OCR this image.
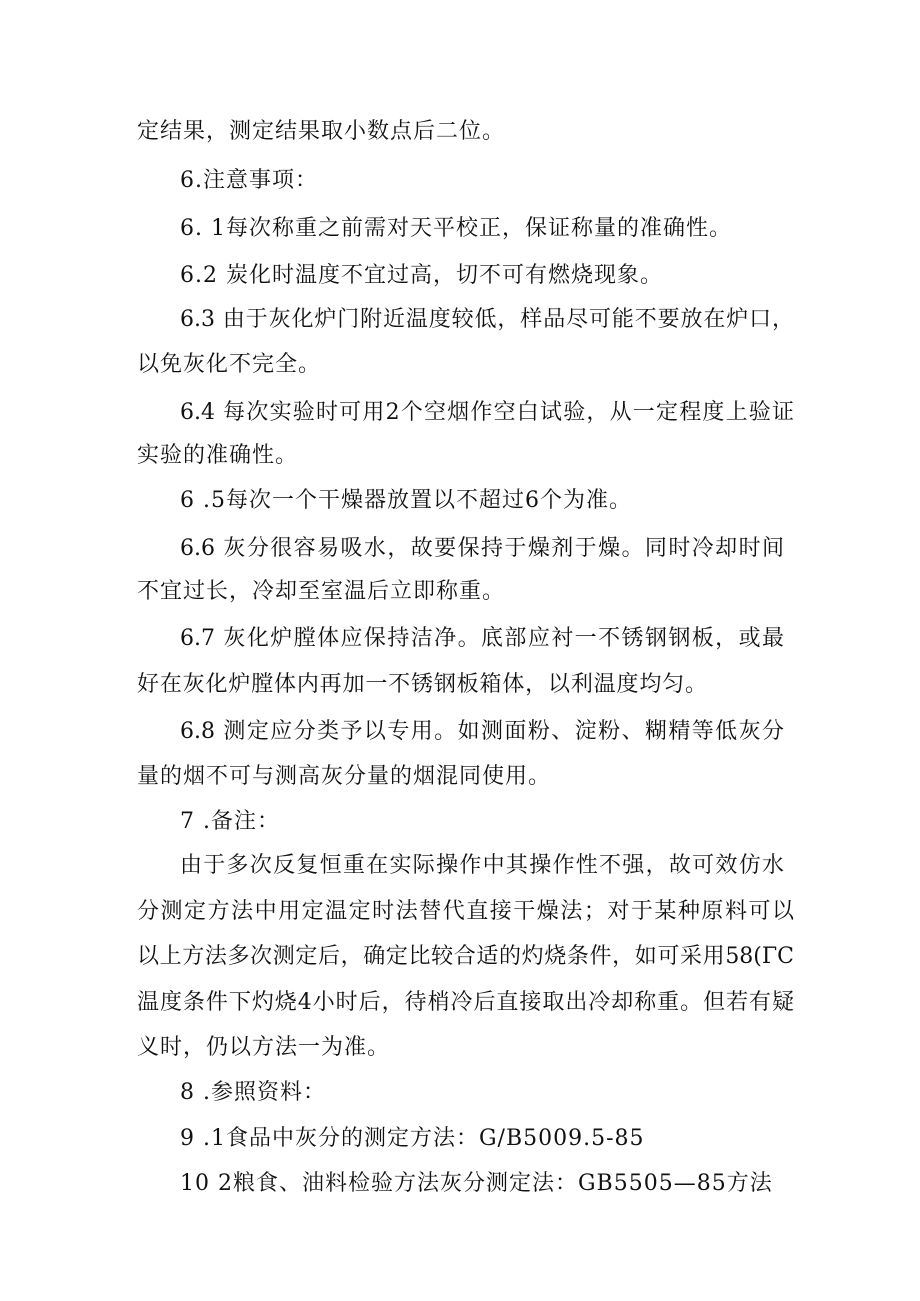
定结果，测定结果取小数点后二位。
6.注意事项：
6. 1每次称重之前需对天平校正，保证称量的准确性。
6.2 炭化时温度不宜过高，切不可有燃烧现象。
6.3 由于灰化炉门附近温度较低，样品尽可能不要放在炉口，
以免灰化不完全。
6.4 每次实验时可用2个空烟作空白试验，从一定程度上验证
实验的准确性。
6 .5每次一个干燥器放置以不超过6个为准。
6.6 灰分很容易吸水，故要保持于燥剂于燥。同时冷却时间
不宜过长，冷却至室温后立即称重。
6.7 灰化炉膛体应保持洁净。底部应衬一不锈钢钢板，或最
好在灰化炉膛体内再加一不锈钢板箱体，以利温度均匀。
6.8 测定应分类予以专用。如测面粉、淀粉、糊精等低灰分
量的烟不可与测高灰分量的烟混同使用。
7 .备注：
由于多次反复恒重在实际操作中其操作性不强，故可效仿水
分测定方法中用定温定时法替代直接干燥法；对于某种原料可以
以上方法多次测定后，确定比较合适的灼烧条件，如可采用58(ΓC
温度条件下灼烧4小时后，待梢冷后直接取出冷却称重。但若有疑
义时，仍以方法一为准。
8 .参照资料：
9 .1食品中灰分的测定方法：G/B5009.5-85
10 2粮食、油料检验方法灰分测定法：GB5505—85方法
